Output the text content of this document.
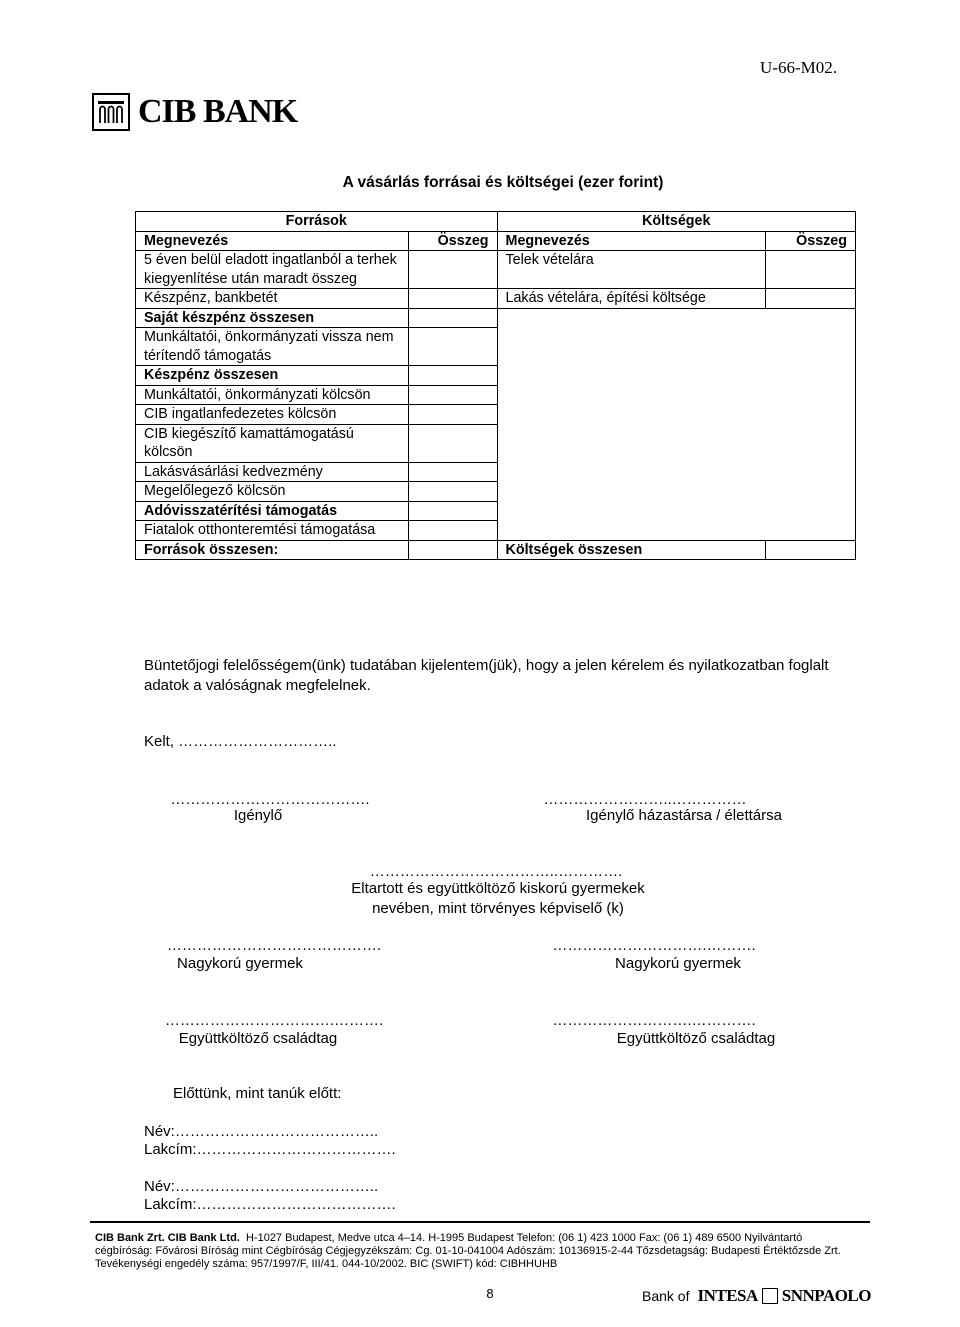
U-66-M02.
CIB BANK
A vásárlás forrásai és költségei (ezer forint)
Források		Költségek	
Megnevezés	Összeg	Megnevezés	Összeg
5 éven belül eladott ingatlanból a terhek kiegyenlítése után maradt összeg		Telek vételára	
Készpénz, bankbetét		Lakás vételára, építési költsége	
Saját készpénz összesen			
Munkáltatói, önkormányzati vissza nem térítendő támogatás			
Készpénz összesen			
Munkáltatói, önkormányzati kölcsön			
CIB ingatlanfedezetes kölcsön			
CIB kiegészítő kamattámogatású kölcsön			
Lakásvásárlási kedvezmény			
Megelőlegező kölcsön			
Adóvisszatérítési támogatás			
Fiatalok otthonteremtési támogatása			
Források összesen:		Költségek összesen	
Büntetőjogi felelősségem(ünk) tudatában kijelentem(jük), hogy a jelen kérelem és nyilatkozatban foglalt adatok a valóságnak megfelelnek.
Kelt, …………………………..
………………………………….
Igénylő
……………………..……………
Igénylő házastársa / élettársa
………………………………..………….
Eltartott és együttköltöző kiskorú gyermekek
nevében, mint törvényes képviselő (k)
…………………………………….
Nagykorú gyermek
………………………….……….
Nagykorú gyermek
…………………………….……….
Együttköltöző családtag
……………………….………….
Együttköltöző családtag
Előttünk, mint tanúk előtt:
Név:…………………………………..
Lakcím:………………………………….
Név:…………………………………..
Lakcím:………………………………….
CIB Bank Zrt. CIB Bank Ltd. H-1027 Budapest, Medve utca 4–14. H-1995 Budapest Telefon: (06 1) 423 1000 Fax: (06 1) 489 6500 Nyilvántartó
cégbíróság: Fővárosi Bíróság mint Cégbíróság Cégjegyzékszám: Cg. 01-10-041004 Adószám: 10136915-2-44 Tőzsdetagság: Budapesti Értéktőzsde Zrt.
Tevékenységi engedély száma: 957/1997/F, III/41. 044-10/2002. BIC (SWIFT) kód: CIBHHUHB
8	Bank of INTESA SNNPAOLO
